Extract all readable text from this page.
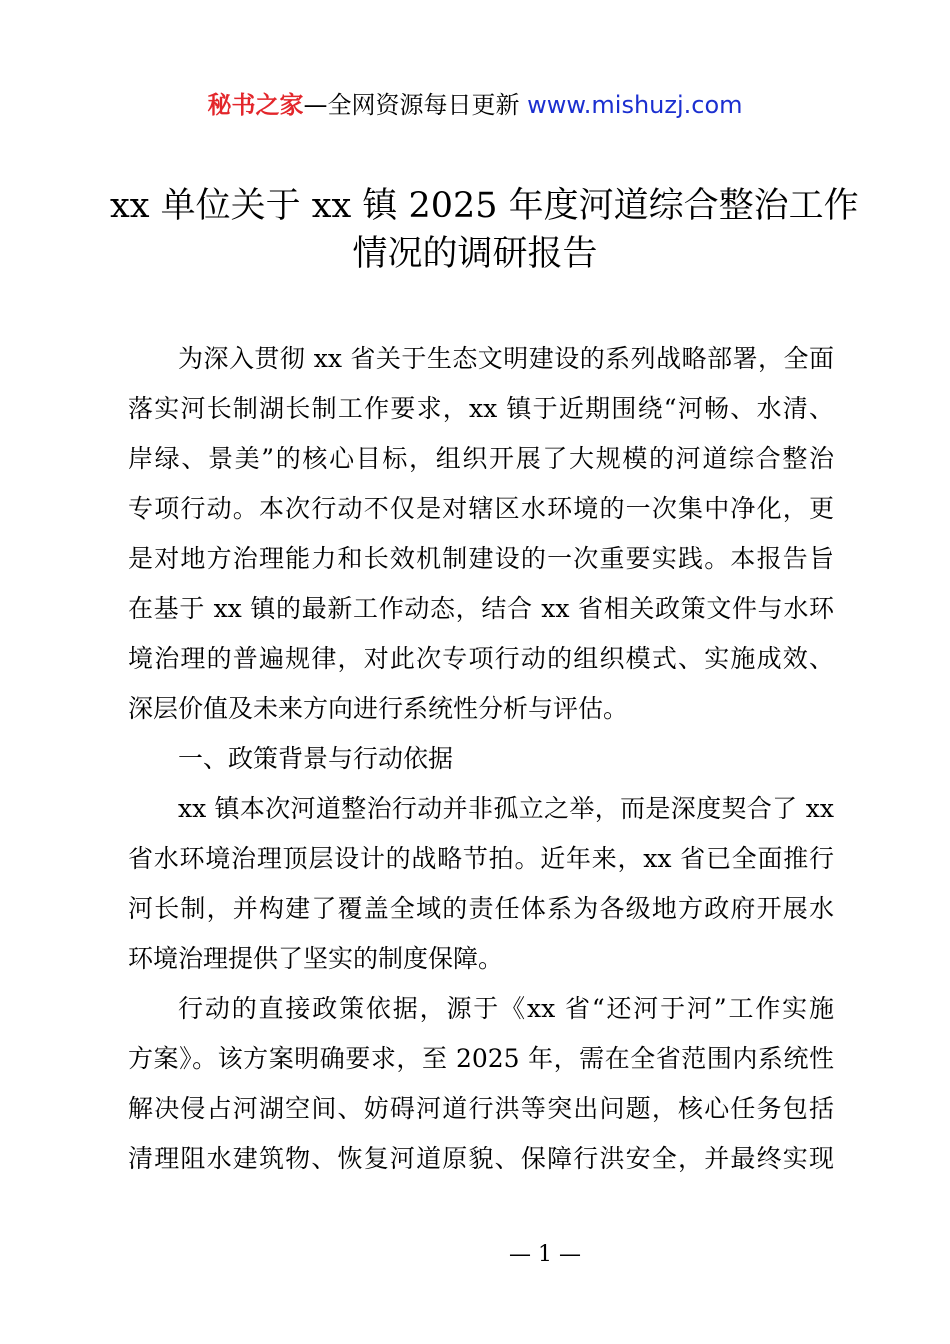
秘书之家—全网资源每日更新 www.mishuzj.com
xx 单位关于 xx 镇 2025 年度河道综合整治工作
情况的调研报告
为深入贯彻 xx 省关于生态文明建设的系列战略部署，全面
落实河长制湖长制工作要求，xx 镇于近期围绕“河畅、水清、
岸绿、景美”的核心目标，组织开展了大规模的河道综合整治
专项行动。本次行动不仅是对辖区水环境的一次集中净化，更
是对地方治理能力和长效机制建设的一次重要实践。本报告旨
在基于 xx 镇的最新工作动态，结合 xx 省相关政策文件与水环
境治理的普遍规律，对此次专项行动的组织模式、实施成效、
深层价值及未来方向进行系统性分析与评估。
一、政策背景与行动依据
xx 镇本次河道整治行动并非孤立之举，而是深度契合了 xx
省水环境治理顶层设计的战略节拍。近年来，xx 省已全面推行
河长制，并构建了覆盖全域的责任体系为各级地方政府开展水
环境治理提供了坚实的制度保障。
行动的直接政策依据，源于《xx 省“还河于河”工作实施
方案》。该方案明确要求，至 2025 年，需在全省范围内系统性
解决侵占河湖空间、妨碍河道行洪等突出问题，核心任务包括
清理阻水建筑物、恢复河道原貌、保障行洪安全，并最终实现
— 1 —
